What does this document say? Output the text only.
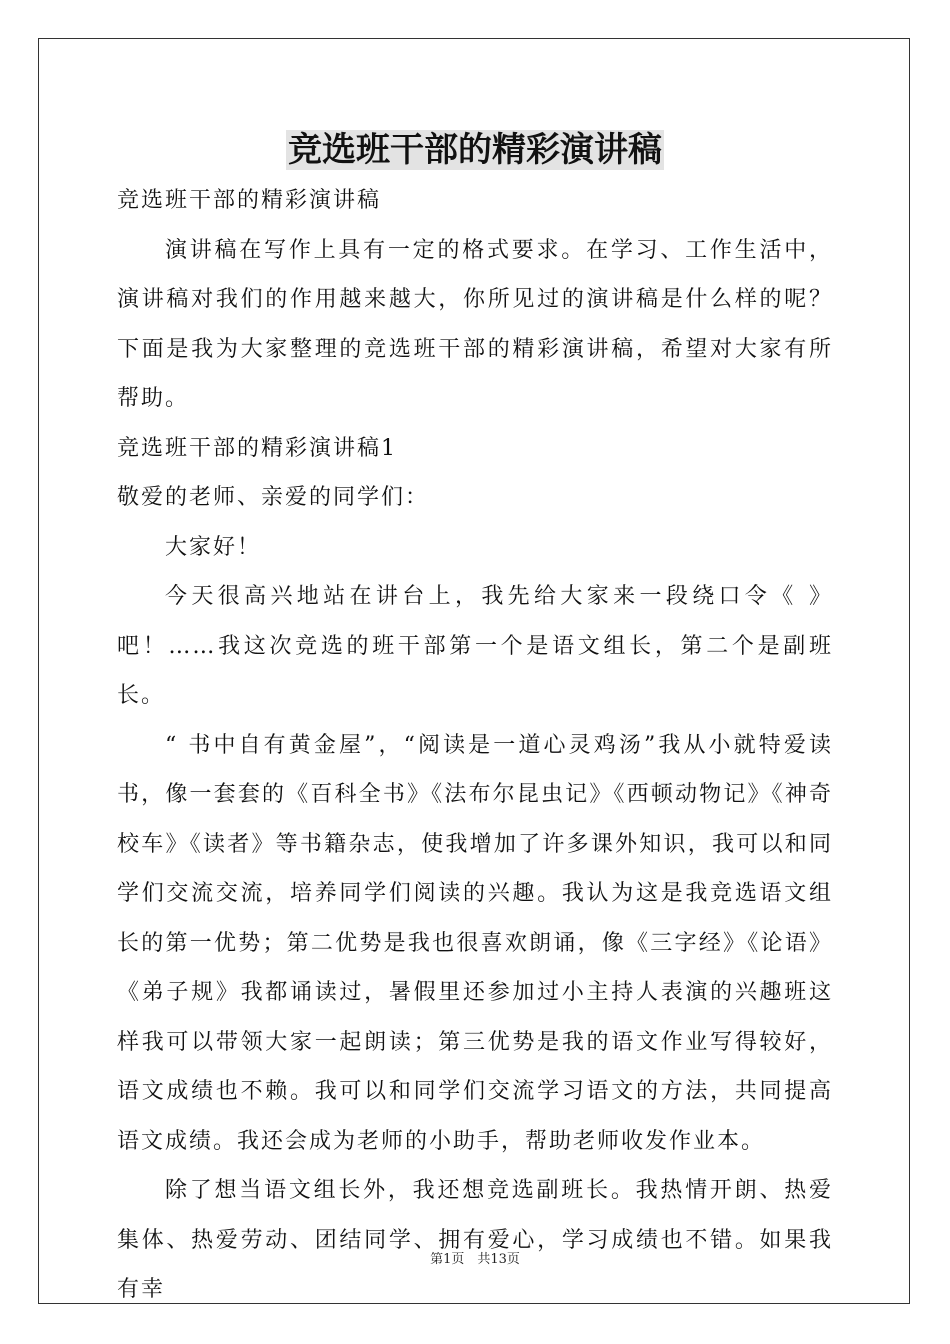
竞选班干部的精彩演讲稿

竞选班干部的精彩演讲稿

演讲稿在写作上具有一定的格式要求。在学习、工作生活中，演讲稿对我们的作用越来越大，你所见过的演讲稿是什么样的呢？下面是我为大家整理的竞选班干部的精彩演讲稿，希望对大家有所帮助。

竞选班干部的精彩演讲稿1

敬爱的老师、亲爱的同学们：

大家好！

今天很高兴地站在讲台上，我先给大家来一段绕口令《 》吧！……我这次竞选的班干部第一个是语文组长，第二个是副班长。

“ 书中自有黄金屋”，“阅读是一道心灵鸡汤”我从小就特爱读书，像一套套的《百科全书》《法布尔昆虫记》《西顿动物记》《神奇校车》《读者》等书籍杂志，使我增加了许多课外知识，我可以和同学们交流交流，培养同学们阅读的兴趣。我认为这是我竞选语文组长的第一优势；第二优势是我也很喜欢朗诵，像《三字经》《论语》《弟子规》我都诵读过，暑假里还参加过小主持人表演的兴趣班这样我可以带领大家一起朗读；第三优势是我的语文作业写得较好，语文成绩也不赖。我可以和同学们交流学习语文的方法，共同提高语文成绩。我还会成为老师的小助手，帮助老师收发作业本。

除了想当语文组长外，我还想竞选副班长。我热情开朗、热爱集体、热爱劳动、团结同学、拥有爱心，学习成绩也不错。如果我有幸

第1页　共13页
